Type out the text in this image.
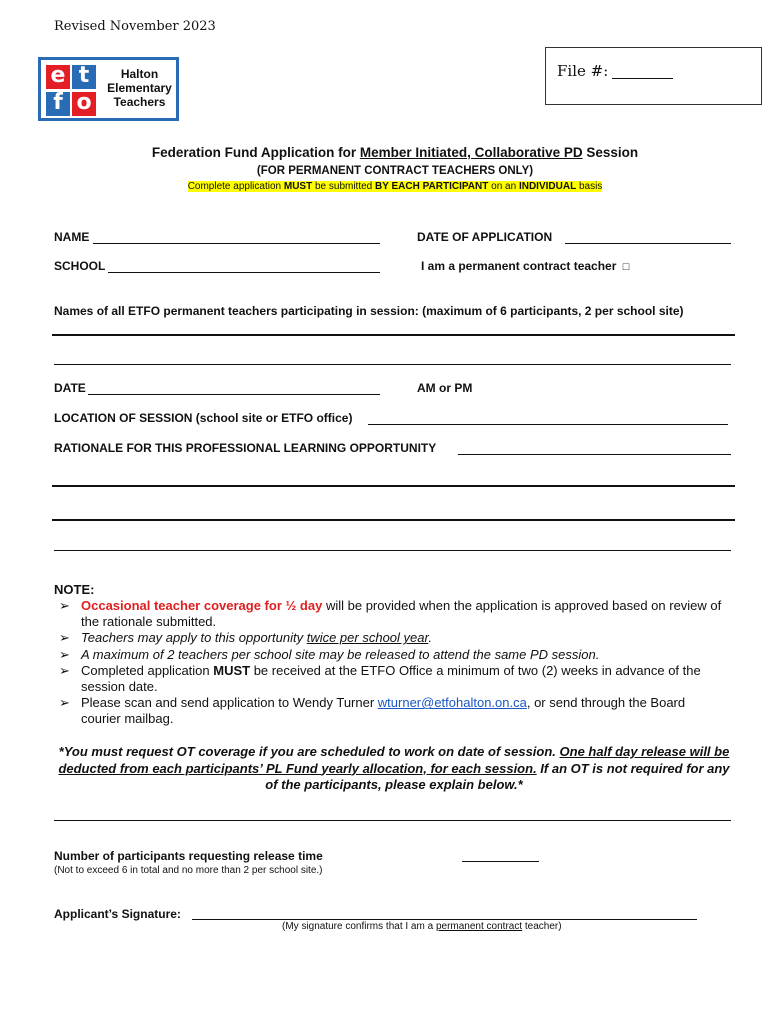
Revised November 2023
e t
f o
Halton
Elementary
Teachers
File #:
Federation Fund Application for Member Initiated, Collaborative PD Session
(FOR PERMANENT CONTRACT TEACHERS ONLY)
Complete application MUST be submitted BY EACH PARTICIPANT on an INDIVIDUAL basis
NAME	DATE OF APPLICATION
SCHOOL	I am a permanent contract teacher □
Names of all ETFO permanent teachers participating in session: (maximum of 6 participants, 2 per school site)
DATE	AM or PM
LOCATION OF SESSION (school site or ETFO office)
RATIONALE FOR THIS PROFESSIONAL LEARNING OPPORTUNITY
NOTE:
➢ Occasional teacher coverage for ½ day will be provided when the application is approved based on review of the rationale submitted.
➢ Teachers may apply to this opportunity twice per school year.
➢ A maximum of 2 teachers per school site may be released to attend the same PD session.
➢ Completed application MUST be received at the ETFO Office a minimum of two (2) weeks in advance of the session date.
➢ Please scan and send application to Wendy Turner wturner@etfohalton.on.ca, or send through the Board courier mailbag.
*You must request OT coverage if you are scheduled to work on date of session. One half day release will be deducted from each participants’ PL Fund yearly allocation, for each session. If an OT is not required for any of the participants, please explain below.*
Number of participants requesting release time
(Not to exceed 6 in total and no more than 2 per school site.)
Applicant’s Signature:
(My signature confirms that I am a permanent contract teacher)
